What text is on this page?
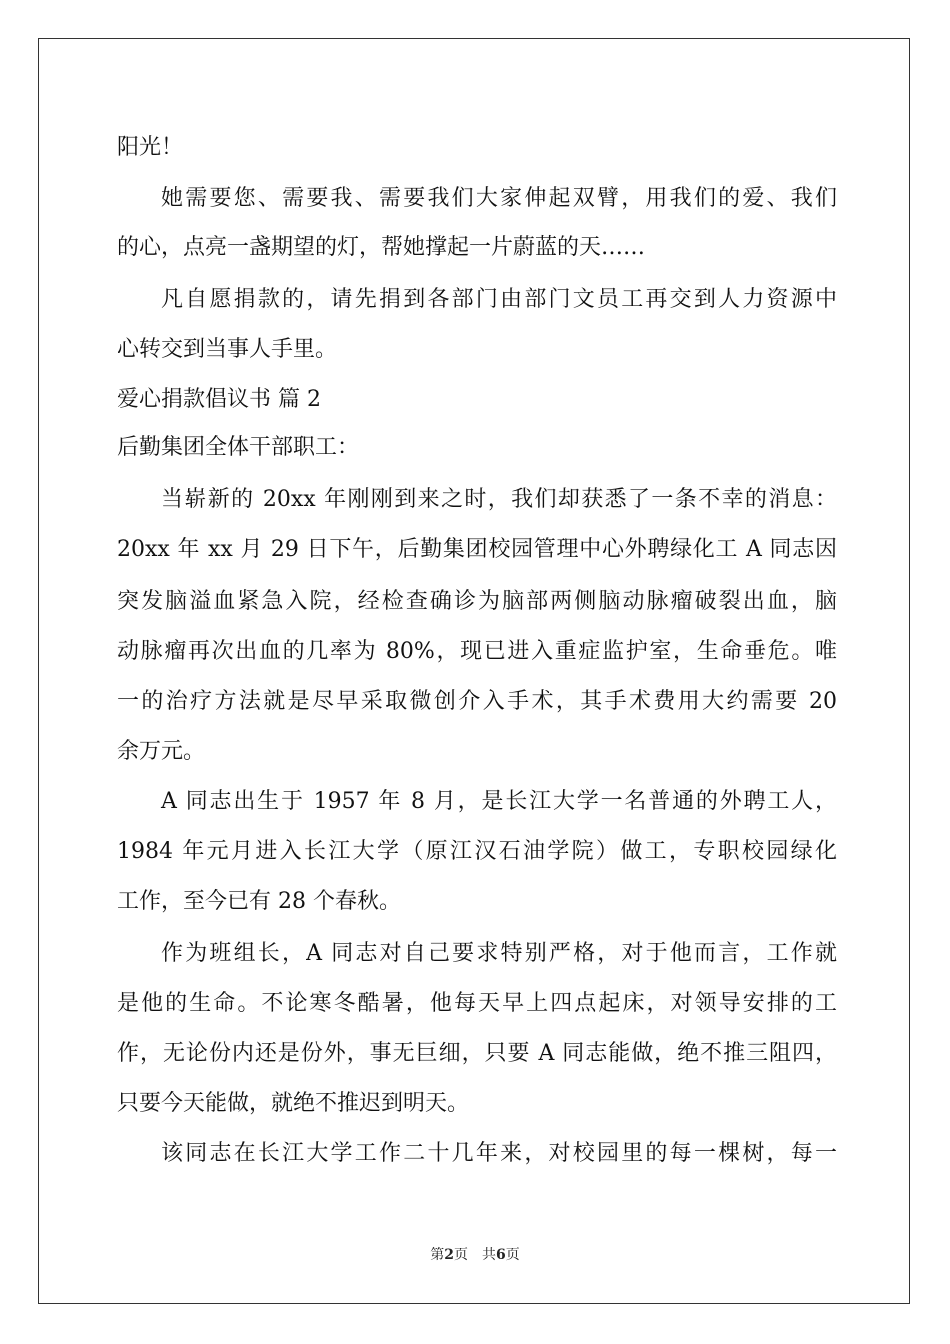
阳光！
她需要您、需要我、需要我们大家伸起双臂，用我们的爱、我们
的心，点亮一盏期望的灯，帮她撑起一片蔚蓝的天……
凡自愿捐款的，请先捐到各部门由部门文员工再交到人力资源中
心转交到当事人手里。
爱心捐款倡议书 篇 2
后勤集团全体干部职工：
当崭新的 20xx 年刚刚到来之时，我们却获悉了一条不幸的消息：
20xx 年 xx 月 29 日下午，后勤集团校园管理中心外聘绿化工 A 同志因
突发脑溢血紧急入院，经检查确诊为脑部两侧脑动脉瘤破裂出血，脑
动脉瘤再次出血的几率为 80%，现已进入重症监护室，生命垂危。唯
一的治疗方法就是尽早采取微创介入手术，其手术费用大约需要 20
余万元。
A 同志出生于 1957 年 8 月，是长江大学一名普通的外聘工人，
1984 年元月进入长江大学（原江汉石油学院）做工，专职校园绿化
工作，至今已有 28 个春秋。
作为班组长，A 同志对自己要求特别严格，对于他而言，工作就
是他的生命。不论寒冬酷暑，他每天早上四点起床，对领导安排的工
作，无论份内还是份外，事无巨细，只要 A 同志能做，绝不推三阻四，
只要今天能做，就绝不推迟到明天。
该同志在长江大学工作二十几年来，对校园里的每一棵树，每一
第2页 共6页
